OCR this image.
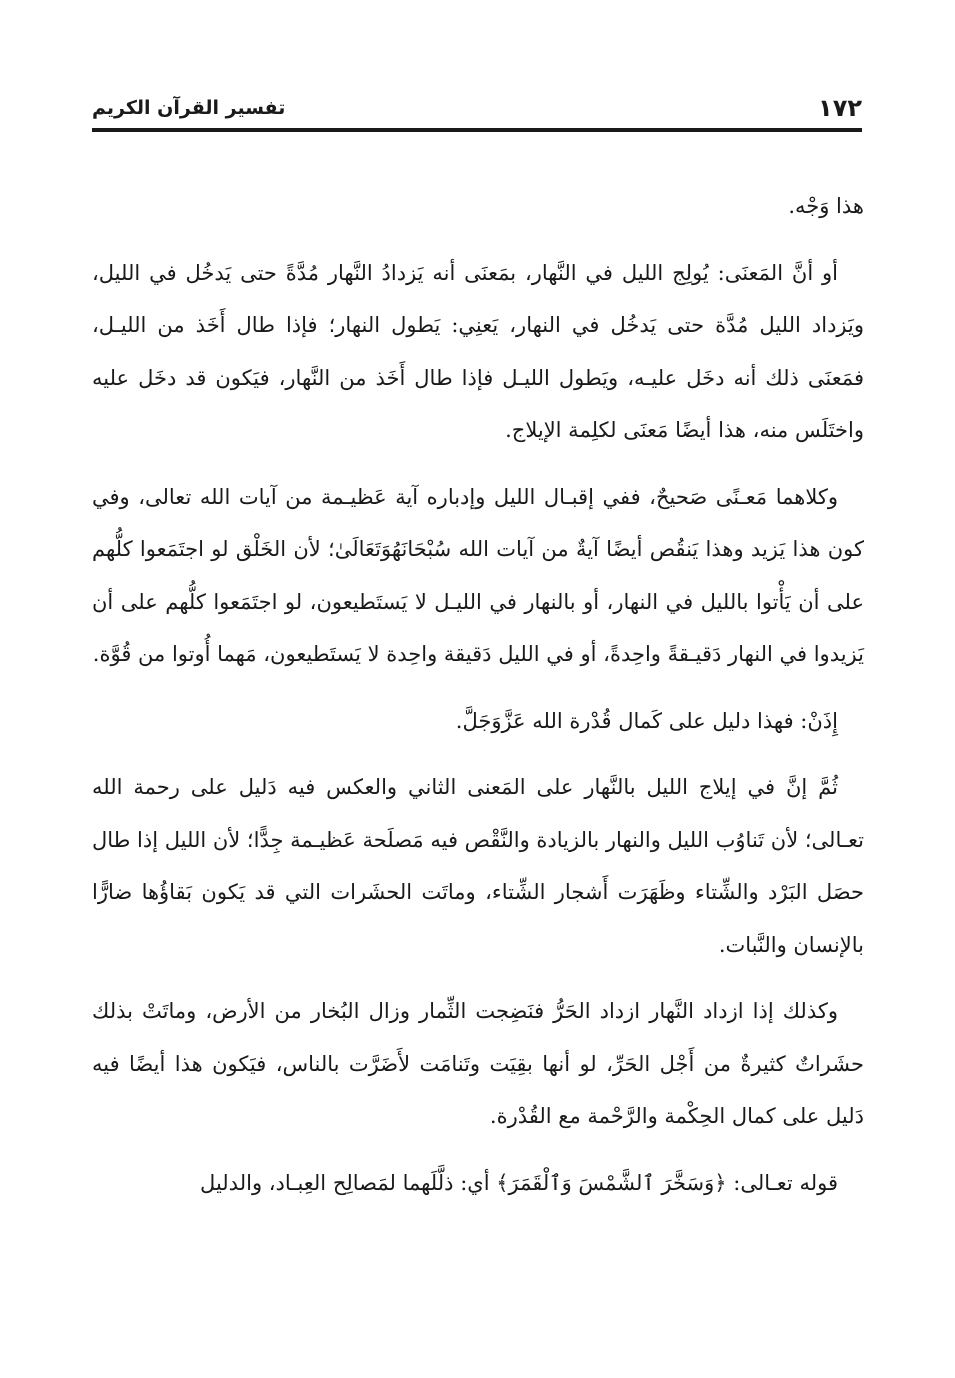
١٧٢
تفسير القرآن الكريم

هذا وَجْه.

أو أنَّ المَعنَى: يُولِج الليل في النَّهار، بمَعنَى أنه يَزدادُ النَّهار مُدَّةً حتى يَدخُل في الليل، ويَزداد الليل مُدَّة حتى يَدخُل في النهار، يَعنِي: يَطول النهار؛ فإذا طال أَخَذ من الليـل، فمَعنَى ذلك أنه دخَل عليـه، ويَطول الليـل فإذا طال أَخَذ من النَّهار، فيَكون قد دخَل عليه واختَلَس منه، هذا أيضًا مَعنَى لكلِمة الإيلاج.

وكلاهما مَعـنًى صَحيحٌ، ففي إقبـال الليل وإدباره آية عَظيـمة من آيات الله تعالى، وفي كون هذا يَزيد وهذا يَنقُص أيضًا آيةٌ من آيات الله سُبْحَانَهُوَتَعَالَىٰ؛ لأن الخَلْق لو اجتَمَعوا كلُّهم على أن يَأْتوا بالليل في النهار، أو بالنهار في الليـل لا يَستَطيعون، لو اجتَمَعوا كلُّهم على أن يَزيدوا في النهار دَقيـقةً واحِدةً، أو في الليل دَقيقة واحِدة لا يَستَطيعون، مَهما أُوتوا من قُوَّة.

إِذَنْ: فهذا دليل على كَمال قُدْرة الله عَزَّوَجَلَّ.

ثُمَّ إنَّ في إيلاج الليل بالنَّهار على المَعنى الثاني والعكس فيه دَليل على رحمة الله تعـالى؛ لأن تَناوُب الليل والنهار بالزيادة والنَّقْص فيه مَصلَحة عَظيـمة جِدًّا؛ لأن الليل إذا طال حصَل البَرْد والشِّتاء وظَهَرَت أَشجار الشِّتاء، وماتَت الحشَرات التي قد يَكون بَقاؤُها ضارًّا بالإنسان والنَّبات.

وكذلك إذا ازداد النَّهار ازداد الحَرُّ فنَضِجت الثِّمار وزال البُخار من الأرض، وماتَتْ بذلك حشَراتٌ كثيرةٌ من أَجْل الحَرِّ، لو أنها بقِيَت وتَنامَت لأَضَرَّت بالناس، فيَكون هذا أيضًا فيه دَليل على كمال الحِكْمة والرَّحْمة مع القُدْرة.

قوله تعـالى: ﴿وَسَخَّرَ ٱلشَّمْسَ وَٱلْقَمَرَ﴾ أي: ذلَّلَهما لمَصالِح العِبـاد، والدليل
